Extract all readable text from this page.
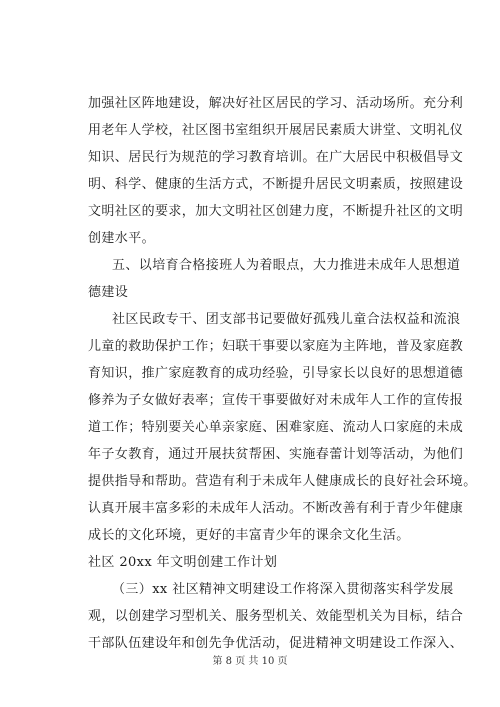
加强社区阵地建设，解决好社区居民的学习、活动场所。充分利
用老年人学校，社区图书室组织开展居民素质大讲堂、文明礼仪
知识、居民行为规范的学习教育培训。在广大居民中积极倡导文
明、科学、健康的生活方式，不断提升居民文明素质，按照建设
文明社区的要求，加大文明社区创建力度，不断提升社区的文明
创建水平。
五、以培育合格接班人为着眼点，大力推进未成年人思想道
德建设
社区民政专干、团支部书记要做好孤残儿童合法权益和流浪
儿童的救助保护工作；妇联干事要以家庭为主阵地，普及家庭教
育知识，推广家庭教育的成功经验，引导家长以良好的思想道德
修养为子女做好表率；宣传干事要做好对未成年人工作的宣传报
道工作；特别要关心单亲家庭、困难家庭、流动人口家庭的未成
年子女教育，通过开展扶贫帮困、实施春蕾计划等活动，为他们
提供指导和帮助。营造有利于未成年人健康成长的良好社会环境。
认真开展丰富多彩的未成年人活动。不断改善有利于青少年健康
成长的文化环境，更好的丰富青少年的课余文化生活。
社区 20xx 年文明创建工作计划
（三）xx 社区精神文明建设工作将深入贯彻落实科学发展
观，以创建学习型机关、服务型机关、效能型机关为目标，结合
干部队伍建设年和创先争优活动，促进精神文明建设工作深入、
第 8 页 共 10 页
